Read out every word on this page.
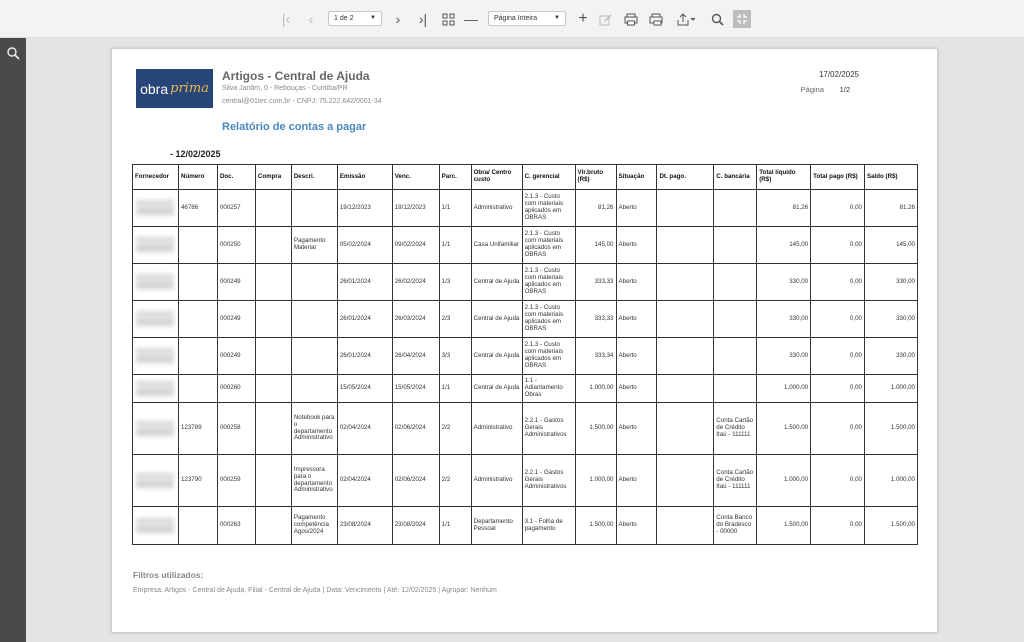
|‹ ‹	1 de 2	▼	›	›|	— Página Inteira	▼ +
obra prima
Artigos - Central de Ajuda
Silva Jardim, 0 - Rebouças - Curitiba/PR
central@01tec.com.br - CNPJ: 75.222.642/0001-34
17/02/2025
Página 1/2
Relatório de contas a pagar
- 12/02/2025
Fornecedor	Número	Doc.	Compra	Descri.	Emissão	Venc.	Parc.	Obra/ Centro custo	C. gerencial	Vlr.bruto (R$)	Situação	Dt. pago.	C. bancária	Total líquido (R$)	Total pago (R$)	Saldo (R$)

	46786	000257			19/12/2023	19/12/2023	1/1	Administrativo	2.1.3 - Custo com materiais aplicados em OBRAS	81,26	Aberto			81,26	0,00	81,26

		000250		Pagamento Material	05/02/2024	09/02/2024	1/1	Casa Unifamiliar	2.1.3 - Custo com materiais aplicados em OBRAS	145,00	Aberto			145,00	0,00	145,00

		000249			26/01/2024	26/02/2024	1/3	Central de Ajuda	2.1.3 - Custo com materiais aplicados em OBRAS	333,33	Aberto			330,00	0,00	330,00

		000249			26/01/2024	26/03/2024	2/3	Central de Ajuda	2.1.3 - Custo com materiais aplicados em OBRAS	333,33	Aberto			330,00	0,00	330,00

		000249			26/01/2024	26/04/2024	3/3	Central de Ajuda	2.1.3 - Custo com materiais aplicados em OBRAS	333,34	Aberto			330,00	0,00	330,00

		000260			15/05/2024	15/05/2024	1/1	Central de Ajuda	1.1 - Adiantamento Obras	1.000,00	Aberto			1.000,00	0,00	1.000,00

	123789	000258		Notebook para o departamento Administrativo	02/04/2024	02/06/2024	2/2	Administrativo	2.2.1 - Gastos Gerais Administrativos	1.500,00	Aberto		Conta Cartão de Crédito Itaú - 111111	1.500,00	0,00	1.500,00

	123790	000259		Impressora para o departamento Administrativo	02/04/2024	02/06/2024	2/2	Administrativo	2.2.1 - Gastos Gerais Administrativos	1.000,00	Aberto		Conta Cartão de Crédito Itaú - 111111	1.000,00	0,00	1.000,00

		000263		Pagamento competência Agos/2024	23/08/2024	23/08/2024	1/1	Departamento Pessoal	3.1 - Folha de pagamento	1.500,00	Aberto		Conta Banco do Bradesco - 00000	1.500,00	0,00	1.500,00
Filtros utilizados:
Empresa: Artigos - Central de Ajuda, Filial - Central de Ajuda | Data: Vencimento | Até: 12/02/2025 | Agrupar: Nenhum
